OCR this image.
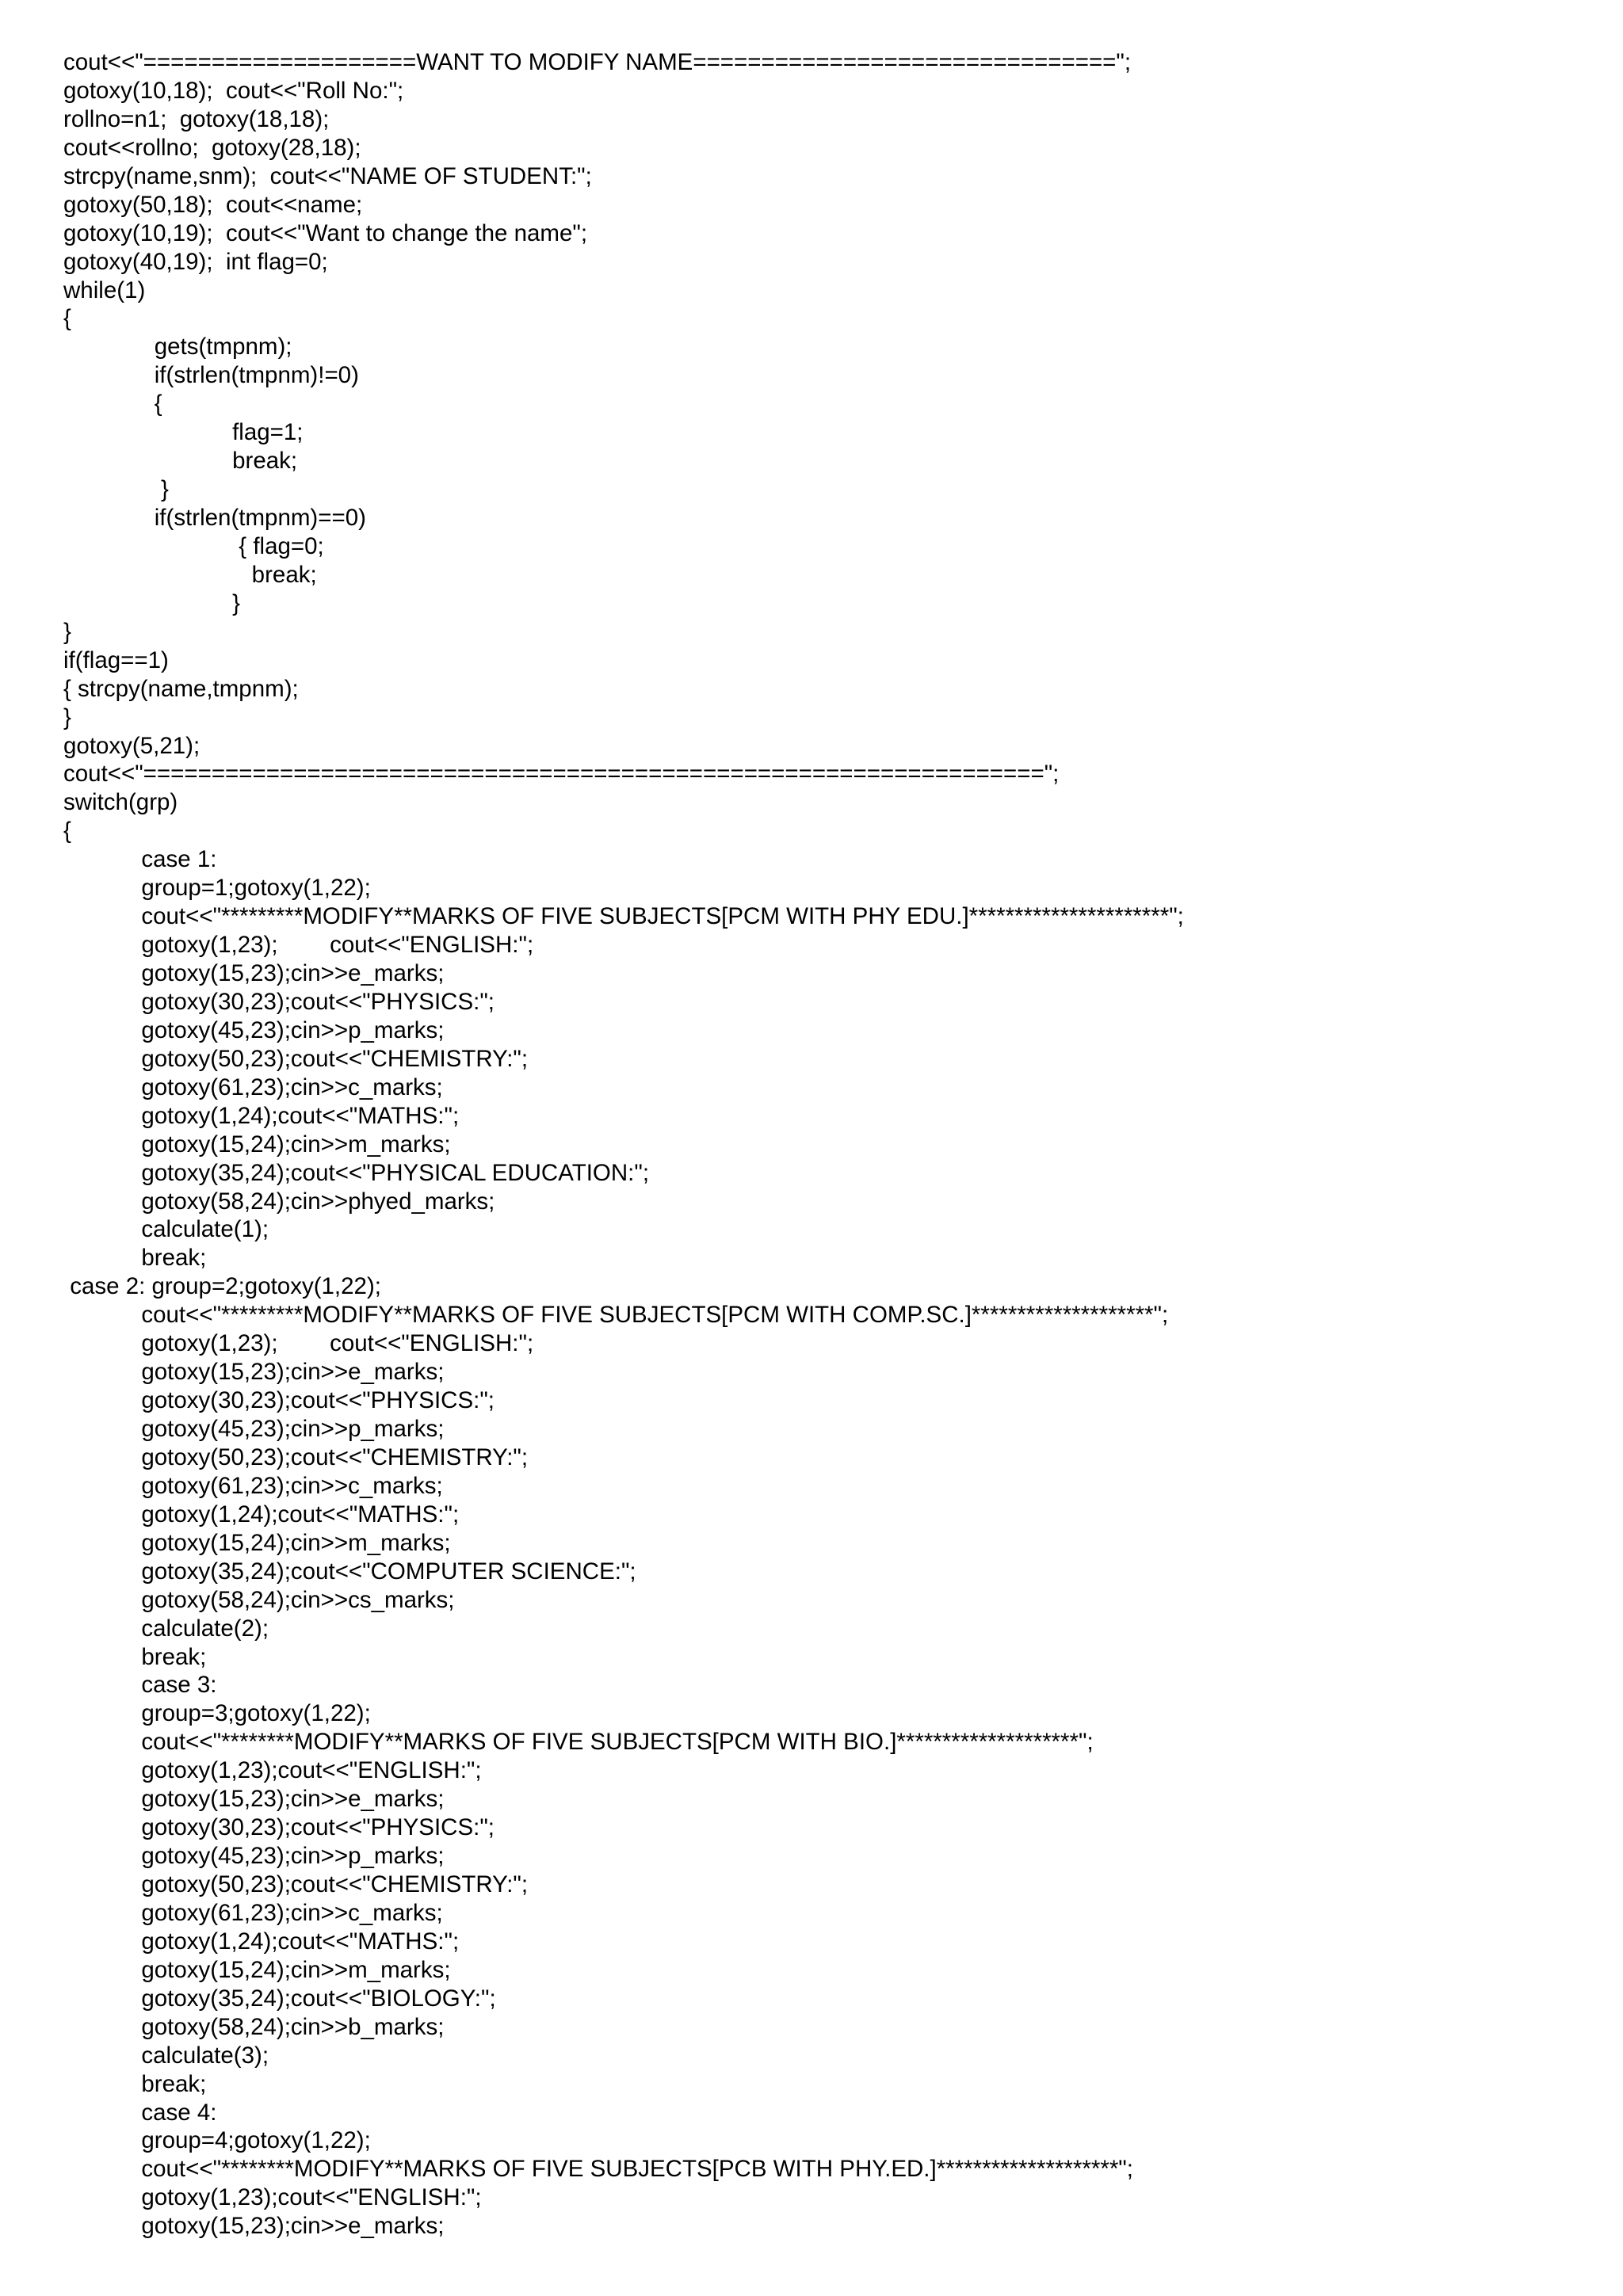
cout<<"====================WANT TO MODIFY NAME===============================";
gotoxy(10,18);  cout<<"Roll No:";
rollno=n1;  gotoxy(18,18);
cout<<rollno;  gotoxy(28,18);
strcpy(name,snm);  cout<<"NAME OF STUDENT:";
gotoxy(50,18);  cout<<name;
gotoxy(10,19);  cout<<"Want to change the name";
gotoxy(40,19);  int flag=0;
while(1)
{
gets(tmpnm);
if(strlen(tmpnm)!=0)
{
flag=1;
break;
}
if(strlen(tmpnm)==0)
{ flag=0;
break;
}
}
if(flag==1)
{ strcpy(name,tmpnm);
}
gotoxy(5,21);
cout<<"==================================================================";
switch(grp)
{
case 1:
group=1;gotoxy(1,22);
cout<<"*********MODIFY**MARKS OF FIVE SUBJECTS[PCM WITH PHY EDU.]**********************";
gotoxy(1,23);        cout<<"ENGLISH:";
gotoxy(15,23);cin>>e_marks;
gotoxy(30,23);cout<<"PHYSICS:";
gotoxy(45,23);cin>>p_marks;
gotoxy(50,23);cout<<"CHEMISTRY:";
gotoxy(61,23);cin>>c_marks;
gotoxy(1,24);cout<<"MATHS:";
gotoxy(15,24);cin>>m_marks;
gotoxy(35,24);cout<<"PHYSICAL EDUCATION:";
gotoxy(58,24);cin>>phyed_marks;
calculate(1);
break;
case 2: group=2;gotoxy(1,22);
cout<<"*********MODIFY**MARKS OF FIVE SUBJECTS[PCM WITH COMP.SC.]********************";
gotoxy(1,23);        cout<<"ENGLISH:";
gotoxy(15,23);cin>>e_marks;
gotoxy(30,23);cout<<"PHYSICS:";
gotoxy(45,23);cin>>p_marks;
gotoxy(50,23);cout<<"CHEMISTRY:";
gotoxy(61,23);cin>>c_marks;
gotoxy(1,24);cout<<"MATHS:";
gotoxy(15,24);cin>>m_marks;
gotoxy(35,24);cout<<"COMPUTER SCIENCE:";
gotoxy(58,24);cin>>cs_marks;
calculate(2);
break;
case 3:
group=3;gotoxy(1,22);
cout<<"********MODIFY**MARKS OF FIVE SUBJECTS[PCM WITH BIO.]********************";
gotoxy(1,23);cout<<"ENGLISH:";
gotoxy(15,23);cin>>e_marks;
gotoxy(30,23);cout<<"PHYSICS:";
gotoxy(45,23);cin>>p_marks;
gotoxy(50,23);cout<<"CHEMISTRY:";
gotoxy(61,23);cin>>c_marks;
gotoxy(1,24);cout<<"MATHS:";
gotoxy(15,24);cin>>m_marks;
gotoxy(35,24);cout<<"BIOLOGY:";
gotoxy(58,24);cin>>b_marks;
calculate(3);
break;
case 4:
group=4;gotoxy(1,22);
cout<<"********MODIFY**MARKS OF FIVE SUBJECTS[PCB WITH PHY.ED.]********************";
gotoxy(1,23);cout<<"ENGLISH:";
gotoxy(15,23);cin>>e_marks;
